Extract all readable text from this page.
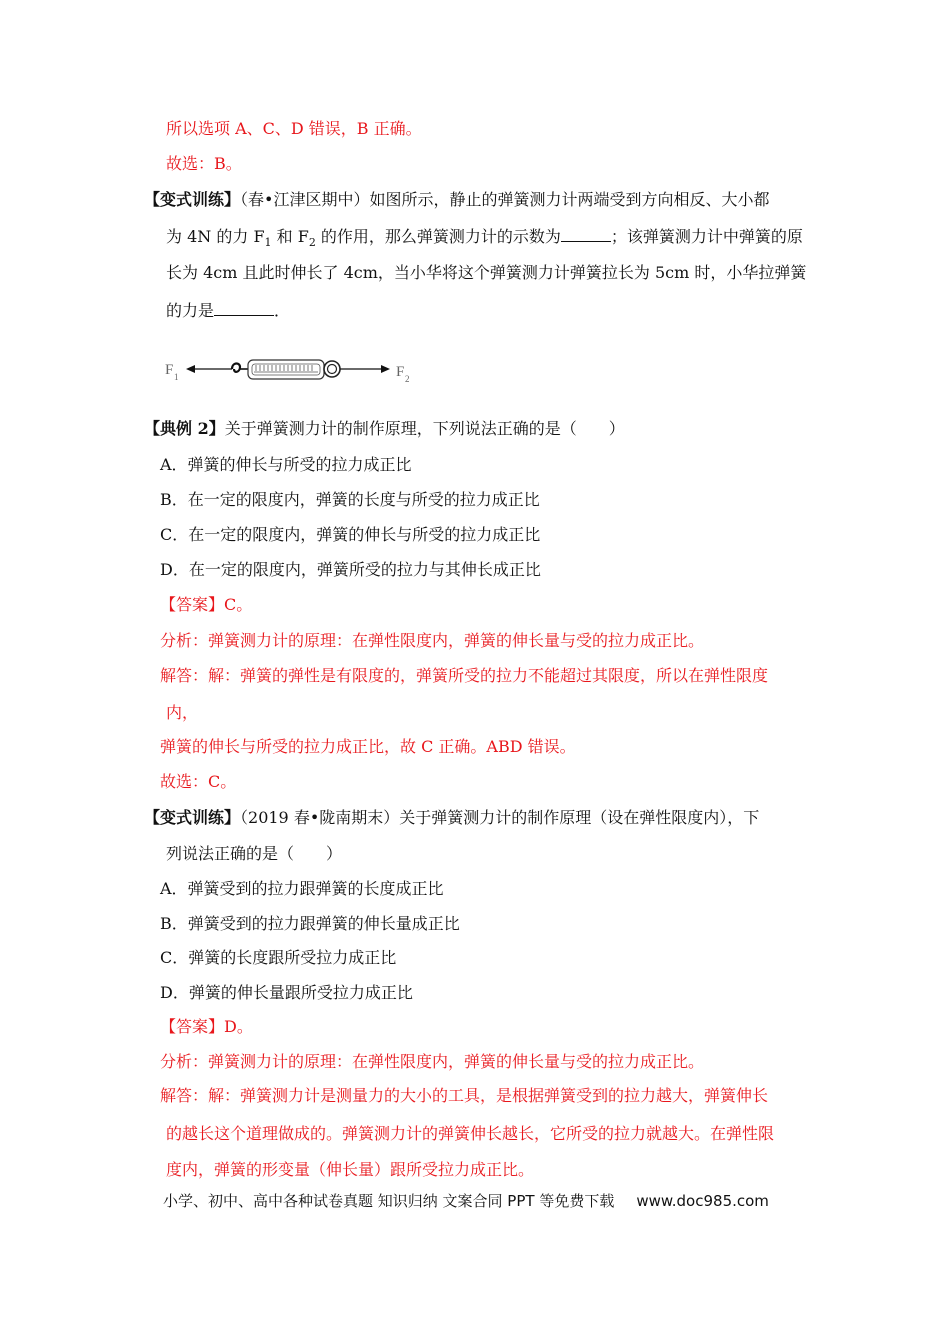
所以选项 A、C、D 错误，B 正确。
故选：B。
【变式训练】（春•江津区期中）如图所示，静止的弹簧测力计两端受到方向相反、大小都
为 4N 的力 $F_1$ 和 $F_2$ 的作用，那么弹簧测力计的示数为	；该弹簧测力计中弹簧的原
长为 4cm 且此时伸长了 4cm，当小华将这个弹簧测力计弹簧拉长为 5cm 时，小华拉弹簧
的力是	．
F 1	F 2
【典例 2】关于弹簧测力计的制作原理，下列说法正确的是（　　）
A．弹簧的伸长与所受的拉力成正比
B．在一定的限度内，弹簧的长度与所受的拉力成正比
C．在一定的限度内，弹簧的伸长与所受的拉力成正比
D．在一定的限度内，弹簧所受的拉力与其伸长成正比
【答案】C。
分析：弹簧测力计的原理：在弹性限度内，弹簧的伸长量与受的拉力成正比。
解答：解：弹簧的弹性是有限度的，弹簧所受的拉力不能超过其限度，所以在弹性限度
内，
弹簧的伸长与所受的拉力成正比，故 C 正确。ABD 错误。
故选：C。
【变式训练】（2019 春•陇南期末）关于弹簧测力计的制作原理（设在弹性限度内），下
列说法正确的是（　　）
A．弹簧受到的拉力跟弹簧的长度成正比
B．弹簧受到的拉力跟弹簧的伸长量成正比
C．弹簧的长度跟所受拉力成正比
D．弹簧的伸长量跟所受拉力成正比
【答案】D。
分析：弹簧测力计的原理：在弹性限度内，弹簧的伸长量与受的拉力成正比。
解答：解：弹簧测力计是测量力的大小的工具，是根据弹簧受到的拉力越大，弹簧伸长
的越长这个道理做成的。弹簧测力计的弹簧伸长越长，它所受的拉力就越大。在弹性限
度内，弹簧的形变量（伸长量）跟所受拉力成正比。
小学、初中、高中各种试卷真题 知识归纳 文案合同 PPT 等免费下载 www.doc985.com
